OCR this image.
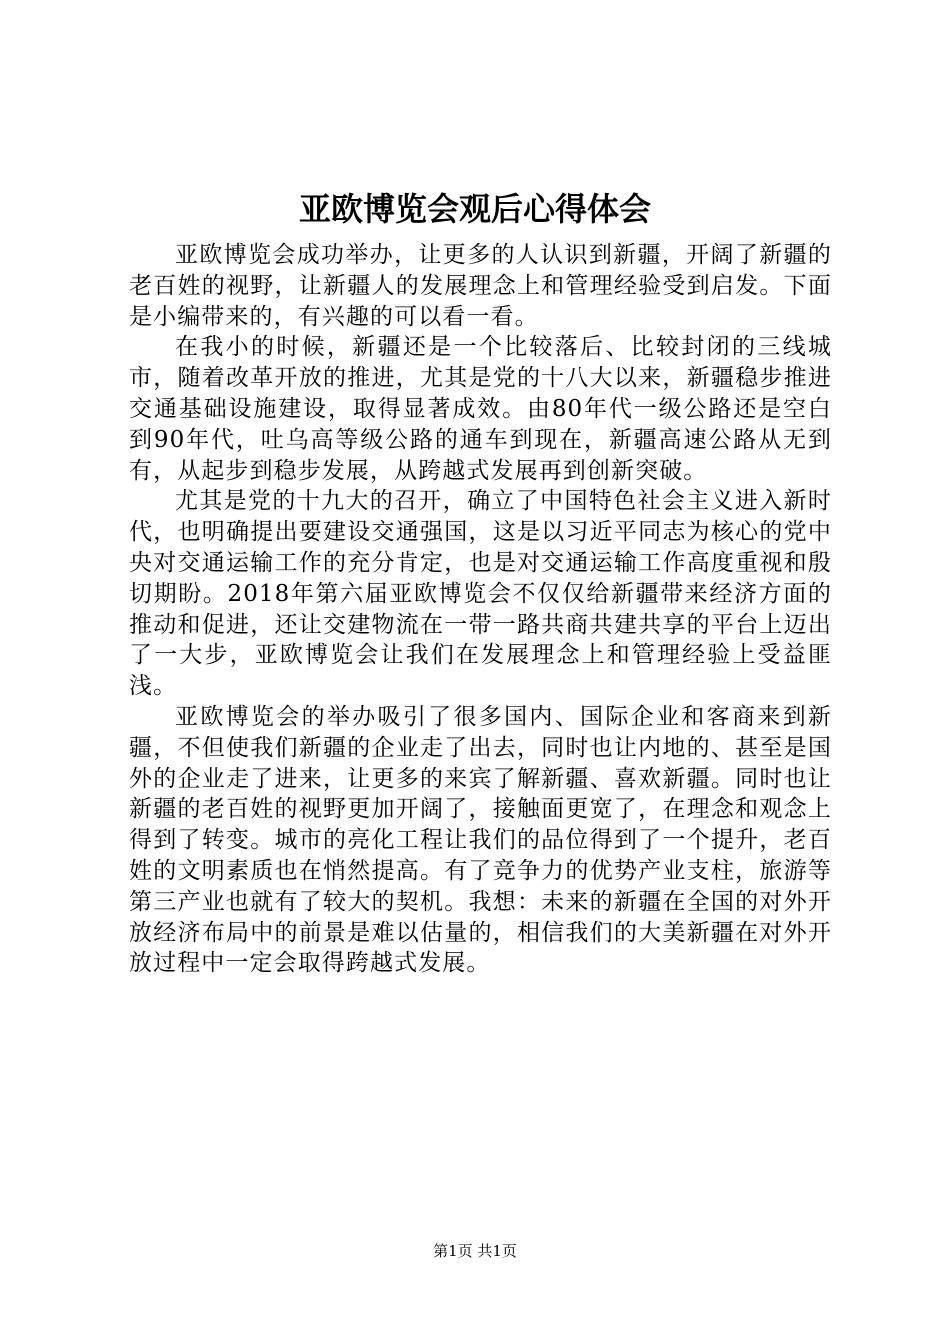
亚欧博览会观后心得体会

亚欧博览会成功举办，让更多的人认识到新疆，开阔了新疆的老百姓的视野，让新疆人的发展理念上和管理经验受到启发。下面是小编带来的，有兴趣的可以看一看。

在我小的时候，新疆还是一个比较落后、比较封闭的三线城市，随着改革开放的推进，尤其是党的十八大以来，新疆稳步推进交通基础设施建设，取得显著成效。由80年代一级公路还是空白到90年代，吐乌高等级公路的通车到现在，新疆高速公路从无到有，从起步到稳步发展，从跨越式发展再到创新突破。

尤其是党的十九大的召开，确立了中国特色社会主义进入新时代，也明确提出要建设交通强国，这是以习近平同志为核心的党中央对交通运输工作的充分肯定，也是对交通运输工作高度重视和殷切期盼。2018年第六届亚欧博览会不仅仅给新疆带来经济方面的推动和促进，还让交建物流在一带一路共商共建共享的平台上迈出了一大步，亚欧博览会让我们在发展理念上和管理经验上受益匪浅。

亚欧博览会的举办吸引了很多国内、国际企业和客商来到新疆，不但使我们新疆的企业走了出去，同时也让内地的、甚至是国外的企业走了进来，让更多的来宾了解新疆、喜欢新疆。同时也让新疆的老百姓的视野更加开阔了，接触面更宽了，在理念和观念上得到了转变。城市的亮化工程让我们的品位得到了一个提升，老百姓的文明素质也在悄然提高。有了竞争力的优势产业支柱，旅游等第三产业也就有了较大的契机。我想：未来的新疆在全国的对外开放经济布局中的前景是难以估量的，相信我们的大美新疆在对外开放过程中一定会取得跨越式发展。

第1页 共1页
